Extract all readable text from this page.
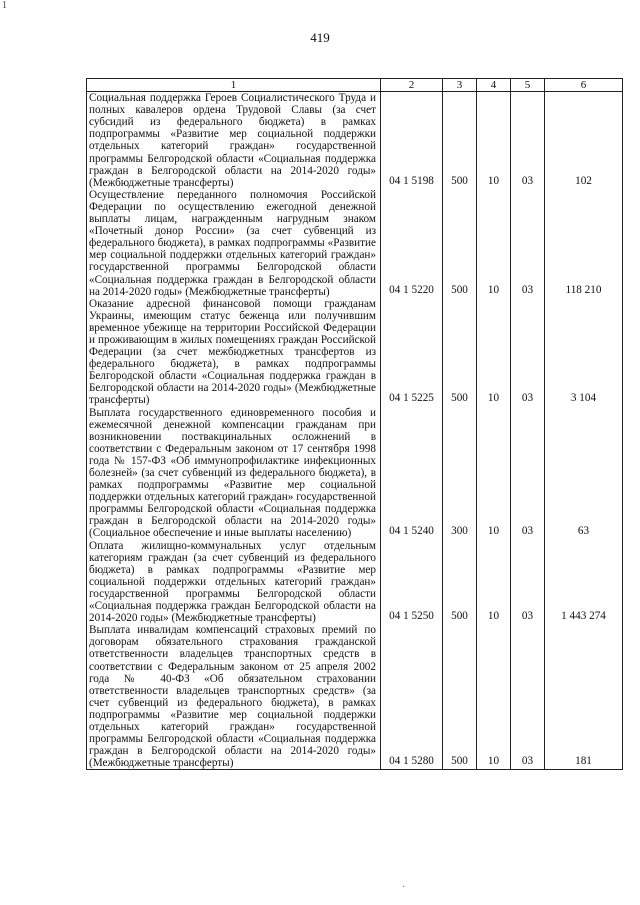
1
419
1	2	3	4	5	6
Социальная поддержка Героев Социалистического Труда и полных кавалеров ордена Трудовой Славы (за счет субсидий из федерального бюджета) в рамках подпрограммы «Развитие мер социальной поддержки отдельных категорий граждан» государственной программы Белгородской области «Социальная поддержка граждан в Белгородской области на 2014-2020 годы» (Межбюджетные трансферты)	04 1 5198	500	10	03	102
Осуществление переданного полномочия Российской Федерации по осуществлению ежегодной денежной выплаты лицам, награжденным нагрудным знаком «Почетный донор России» (за счет субвенций из федерального бюджета), в рамках подпрограммы «Развитие мер социальной поддержки отдельных категорий граждан» государственной программы Белгородской области «Социальная поддержка граждан в Белгородской области на 2014-2020 годы» (Межбюджетные трансферты)	04 1 5220	500	10	03	118 210
Оказание адресной финансовой помощи гражданам Украины, имеющим статус беженца или получившим временное убежище на территории Российской Федерации и проживающим в жилых помещениях граждан Российской Федерации (за счет межбюджетных трансфертов из федерального бюджета), в рамках подпрограммы Белгородской области «Социальная поддержка граждан в Белгородской области на 2014-2020 годы» (Межбюджетные трансферты)	04 1 5225	500	10	03	3 104
Выплата государственного единовременного пособия и ежемесячной денежной компенсации гражданам при возникновении поствакцинальных осложнений в соответствии с Федеральным законом от 17 сентября 1998 года № 157-ФЗ «Об иммунопрофилактике инфекционных болезней» (за счет субвенций из федерального бюджета), в рамках подпрограммы «Развитие мер социальной поддержки отдельных категорий граждан» государственной программы Белгородской области «Социальная поддержка граждан в Белгородской области на 2014-2020 годы» (Социальное обеспечение и иные выплаты населению)	04 1 5240	300	10	03	63
Оплата жилищно-коммунальных услуг отдельным категориям граждан (за счет субвенций из федерального бюджета) в рамках подпрограммы «Развитие мер социальной поддержки отдельных категорий граждан» государственной программы Белгородской области «Социальная поддержка граждан Белгородской области на 2014-2020 годы» (Межбюджетные трансферты)	04 1 5250	500	10	03	1 443 274
Выплата инвалидам компенсаций страховых премий по договорам обязательного страхования гражданской ответственности владельцев транспортных средств в соответствии с Федеральным законом от 25 апреля 2002 года № 40-ФЗ «Об обязательном страховании ответственности владельцев транспортных средств» (за счет субвенций из федерального бюджета), в рамках подпрограммы «Развитие мер социальной поддержки отдельных категорий граждан» государственной программы Белгородской области «Социальная поддержка граждан в Белгородской области на 2014-2020 годы» (Межбюджетные трансферты)	04 1 5280	500	10	03	181
·
